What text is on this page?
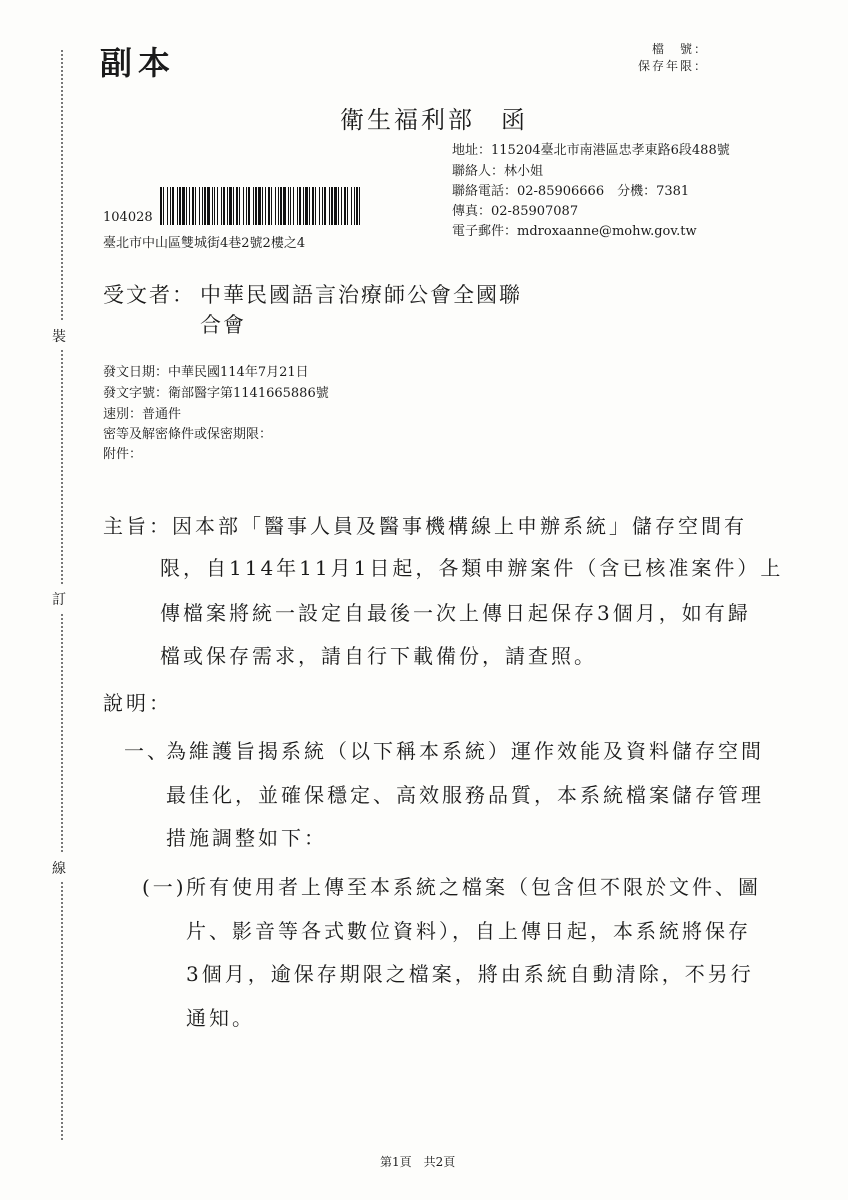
裝
訂
線
副本	檔　號：
保存年限：
衛生福利部 函
地址：115204臺北市南港區忠孝東路6段488號
聯絡人：林小姐
聯絡電話：02-85906666　分機：7381
傳真：02-85907087
電子郵件：mdroxaanne@mohw.gov.tw
104028
臺北市中山區雙城街4巷2號2樓之4
受文者： 中華民國語言治療師公會全國聯
合會
發文日期：中華民國114年7月21日
發文字號：衛部醫字第1141665886號
速別：普通件
密等及解密條件或保密期限：
附件：
主旨： 因本部「醫事人員及醫事機構線上申辦系統」儲存空間有
限，自114年11月1日起，各類申辦案件（含已核准案件）上
傳檔案將統一設定自最後一次上傳日起保存3個月，如有歸
檔或保存需求，請自行下載備份，請查照。
說明：
一、
為維護旨揭系統（以下稱本系統）運作效能及資料儲存空間
最佳化，並確保穩定、高效服務品質，本系統檔案儲存管理
措施調整如下：
(一) 所有使用者上傳至本系統之檔案（包含但不限於文件、圖
片、影音等各式數位資料），自上傳日起，本系統將保存
3個月，逾保存期限之檔案，將由系統自動清除，不另行
通知。
第1頁　共2頁
